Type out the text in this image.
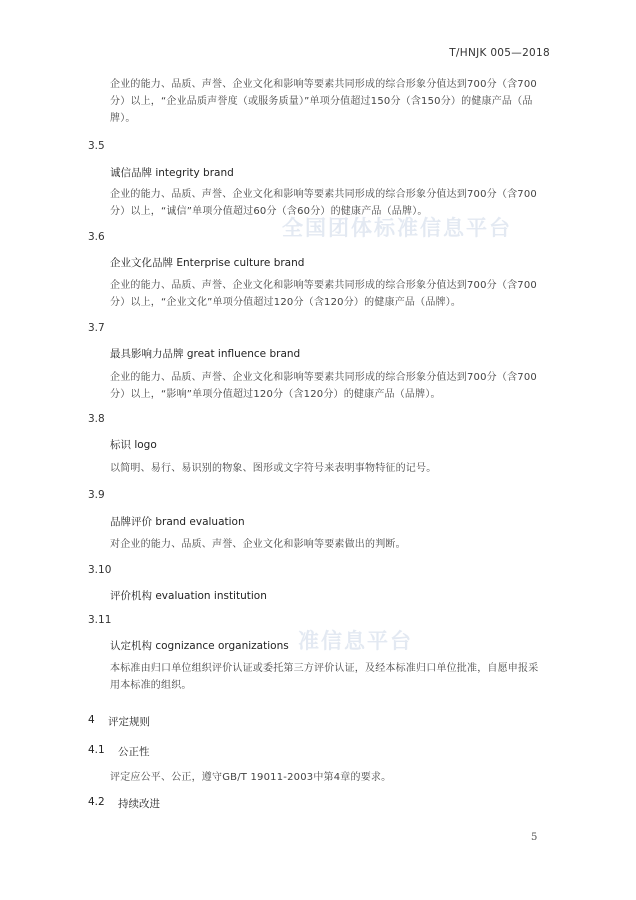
T/HNJK 005—2018
全国团体标准信息平台
准信息平台
企业的能力、品质、声誉、企业文化和影响等要素共同形成的综合形象分值达到700分（含700分）以上，“企业品质声誉度（或服务质量）”单项分值超过150分（含150分）的健康产品（品牌）。
3.5
诚信品牌 integrity brand
企业的能力、品质、声誉、企业文化和影响等要素共同形成的综合形象分值达到700分（含700分）以上，“诚信”单项分值超过60分（含60分）的健康产品（品牌）。
3.6
企业文化品牌 Enterprise culture brand
企业的能力、品质、声誉、企业文化和影响等要素共同形成的综合形象分值达到700分（含700分）以上，“企业文化”单项分值超过120分（含120分）的健康产品（品牌）。
3.7
最具影响力品牌 great influence brand
企业的能力、品质、声誉、企业文化和影响等要素共同形成的综合形象分值达到700分（含700分）以上，“影响”单项分值超过120分（含120分）的健康产品（品牌）。
3.8
标识 logo
以简明、易行、易识别的物象、图形或文字符号来表明事物特征的记号。
3.9
品牌评价 brand evaluation
对企业的能力、品质、声誉、企业文化和影响等要素做出的判断。
3.10
评价机构 evaluation institution
3.11
认定机构 cognizance organizations
本标准由归口单位组织评价认证或委托第三方评价认证，及经本标准归口单位批准，自愿申报采用本标准的组织。
4 评定规则
4.1 公正性
评定应公平、公正，遵守GB/T 19011-2003中第4章的要求。
4.2 持续改进
5
